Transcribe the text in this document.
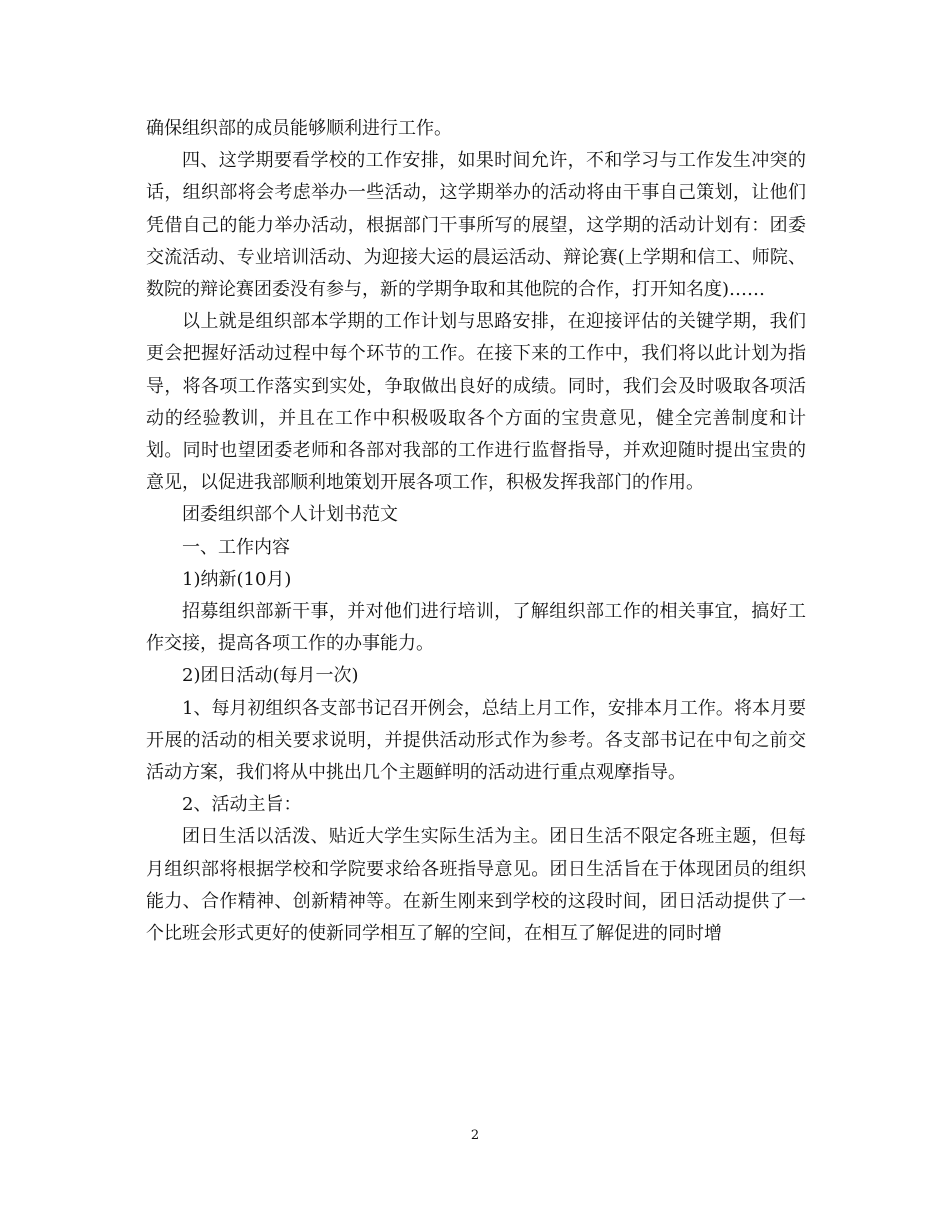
确保组织部的成员能够顺利进行工作。

四、这学期要看学校的工作安排，如果时间允许，不和学习与工作发生冲突的话，组织部将会考虑举办一些活动，这学期举办的活动将由干事自己策划，让他们凭借自己的能力举办活动，根据部门干事所写的展望，这学期的活动计划有：团委交流活动、专业培训活动、为迎接大运的晨运活动、辩论赛(上学期和信工、师院、数院的辩论赛团委没有参与，新的学期争取和其他院的合作，打开知名度)……

以上就是组织部本学期的工作计划与思路安排，在迎接评估的关键学期，我们更会把握好活动过程中每个环节的工作。在接下来的工作中，我们将以此计划为指导，将各项工作落实到实处，争取做出良好的成绩。同时，我们会及时吸取各项活动的经验教训，并且在工作中积极吸取各个方面的宝贵意见，健全完善制度和计划。同时也望团委老师和各部对我部的工作进行监督指导，并欢迎随时提出宝贵的意见，以促进我部顺利地策划开展各项工作，积极发挥我部门的作用。

团委组织部个人计划书范文

一、工作内容

1)纳新(10月)

招募组织部新干事，并对他们进行培训，了解组织部工作的相关事宜，搞好工作交接，提高各项工作的办事能力。

2)团日活动(每月一次)

1、每月初组织各支部书记召开例会，总结上月工作，安排本月工作。将本月要开展的活动的相关要求说明，并提供活动形式作为参考。各支部书记在中旬之前交活动方案，我们将从中挑出几个主题鲜明的活动进行重点观摩指导。

2、活动主旨：

团日生活以活泼、贴近大学生实际生活为主。团日生活不限定各班主题，但每月组织部将根据学校和学院要求给各班指导意见。团日生活旨在于体现团员的组织能力、合作精神、创新精神等。在新生刚来到学校的这段时间，团日活动提供了一个比班会形式更好的使新同学相互了解的空间，在相互了解促进的同时增

2
